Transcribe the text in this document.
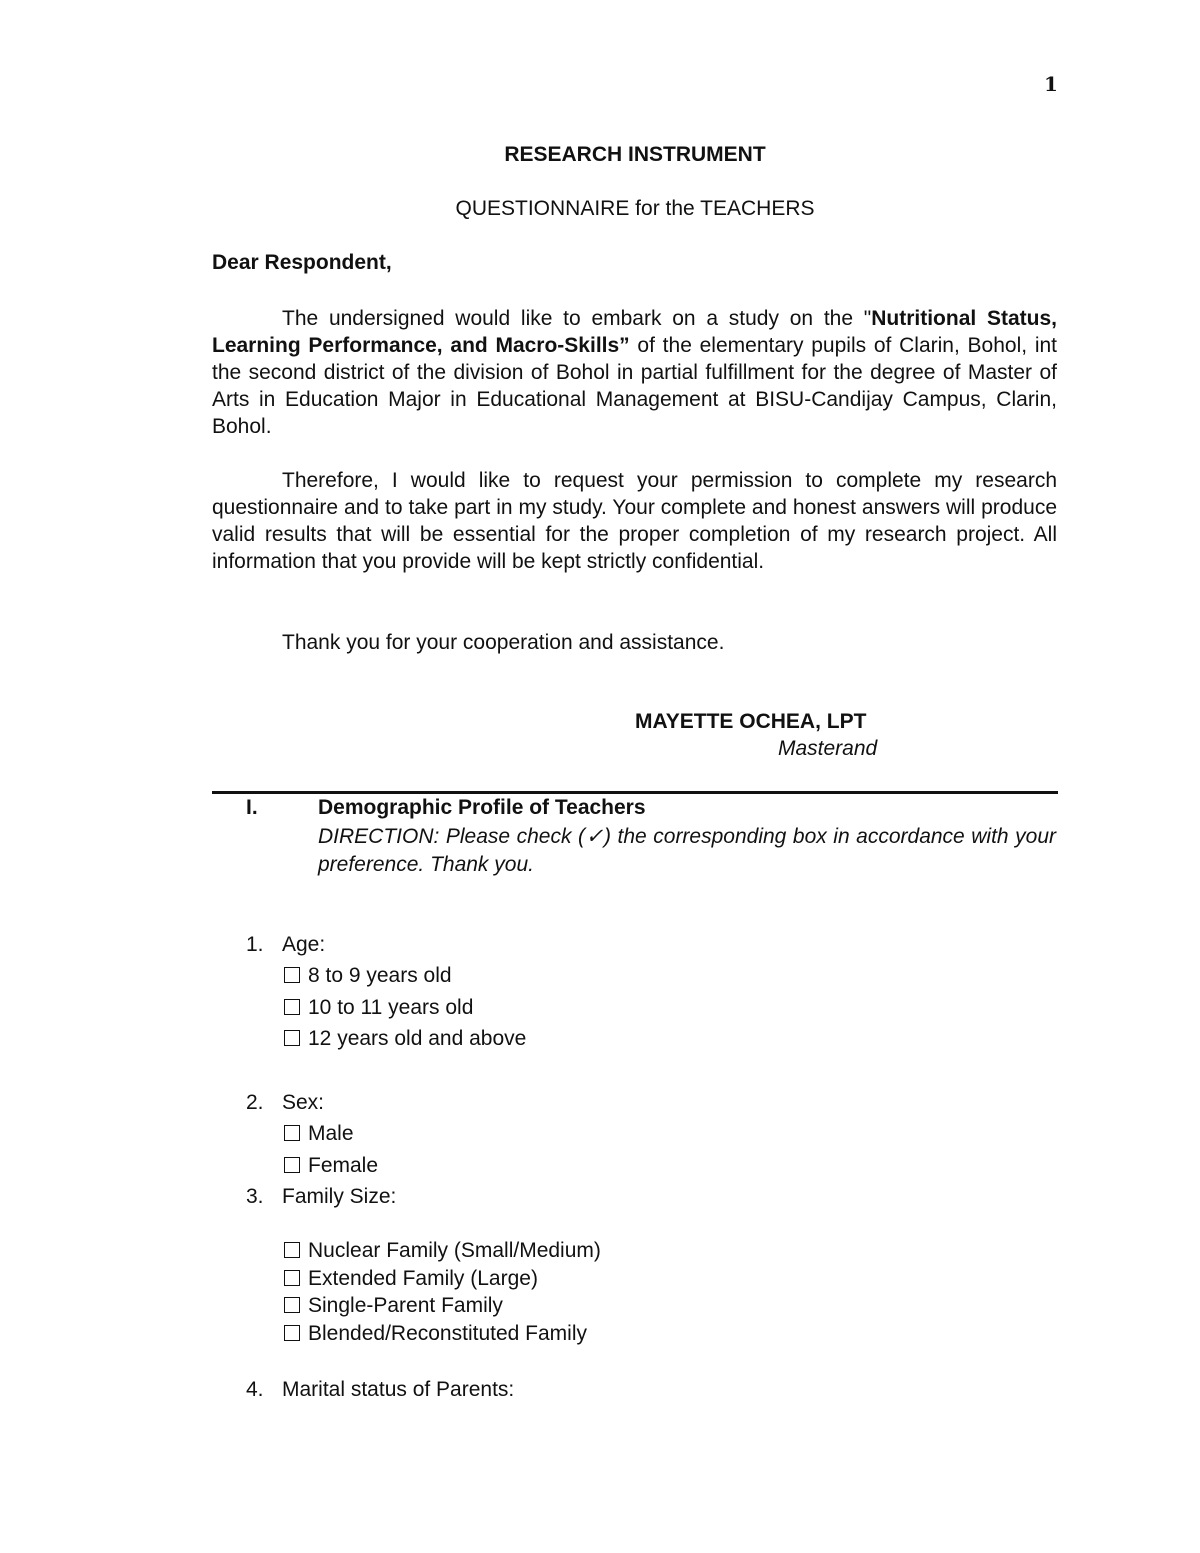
1
RESEARCH INSTRUMENT
QUESTIONNAIRE for the TEACHERS
Dear Respondent,
The undersigned would like to embark on a study on the "Nutritional Status, Learning Performance, and Macro-Skills” of the elementary pupils of Clarin, Bohol, int the second district of the division of Bohol in partial fulfillment for the degree of Master of Arts in Education Major in Educational Management at BISU-Candijay Campus, Clarin, Bohol.
Therefore, I would like to request your permission to complete my research questionnaire and to take part in my study. Your complete and honest answers will produce valid results that will be essential for the proper completion of my research project. All information that you provide will be kept strictly confidential.
Thank you for your cooperation and assistance.
MAYETTE OCHEA, LPT
Masterand
I.	Demographic Profile of Teachers
DIRECTION: Please check (✓) the corresponding box in accordance with your preference. Thank you.
1. Age:
8 to 9 years old
10 to 11 years old
12 years old and above
2. Sex:
Male
Female
3. Family Size:
Nuclear Family (Small/Medium)
Extended Family (Large)
Single-Parent Family
Blended/Reconstituted Family
4. Marital status of Parents:
